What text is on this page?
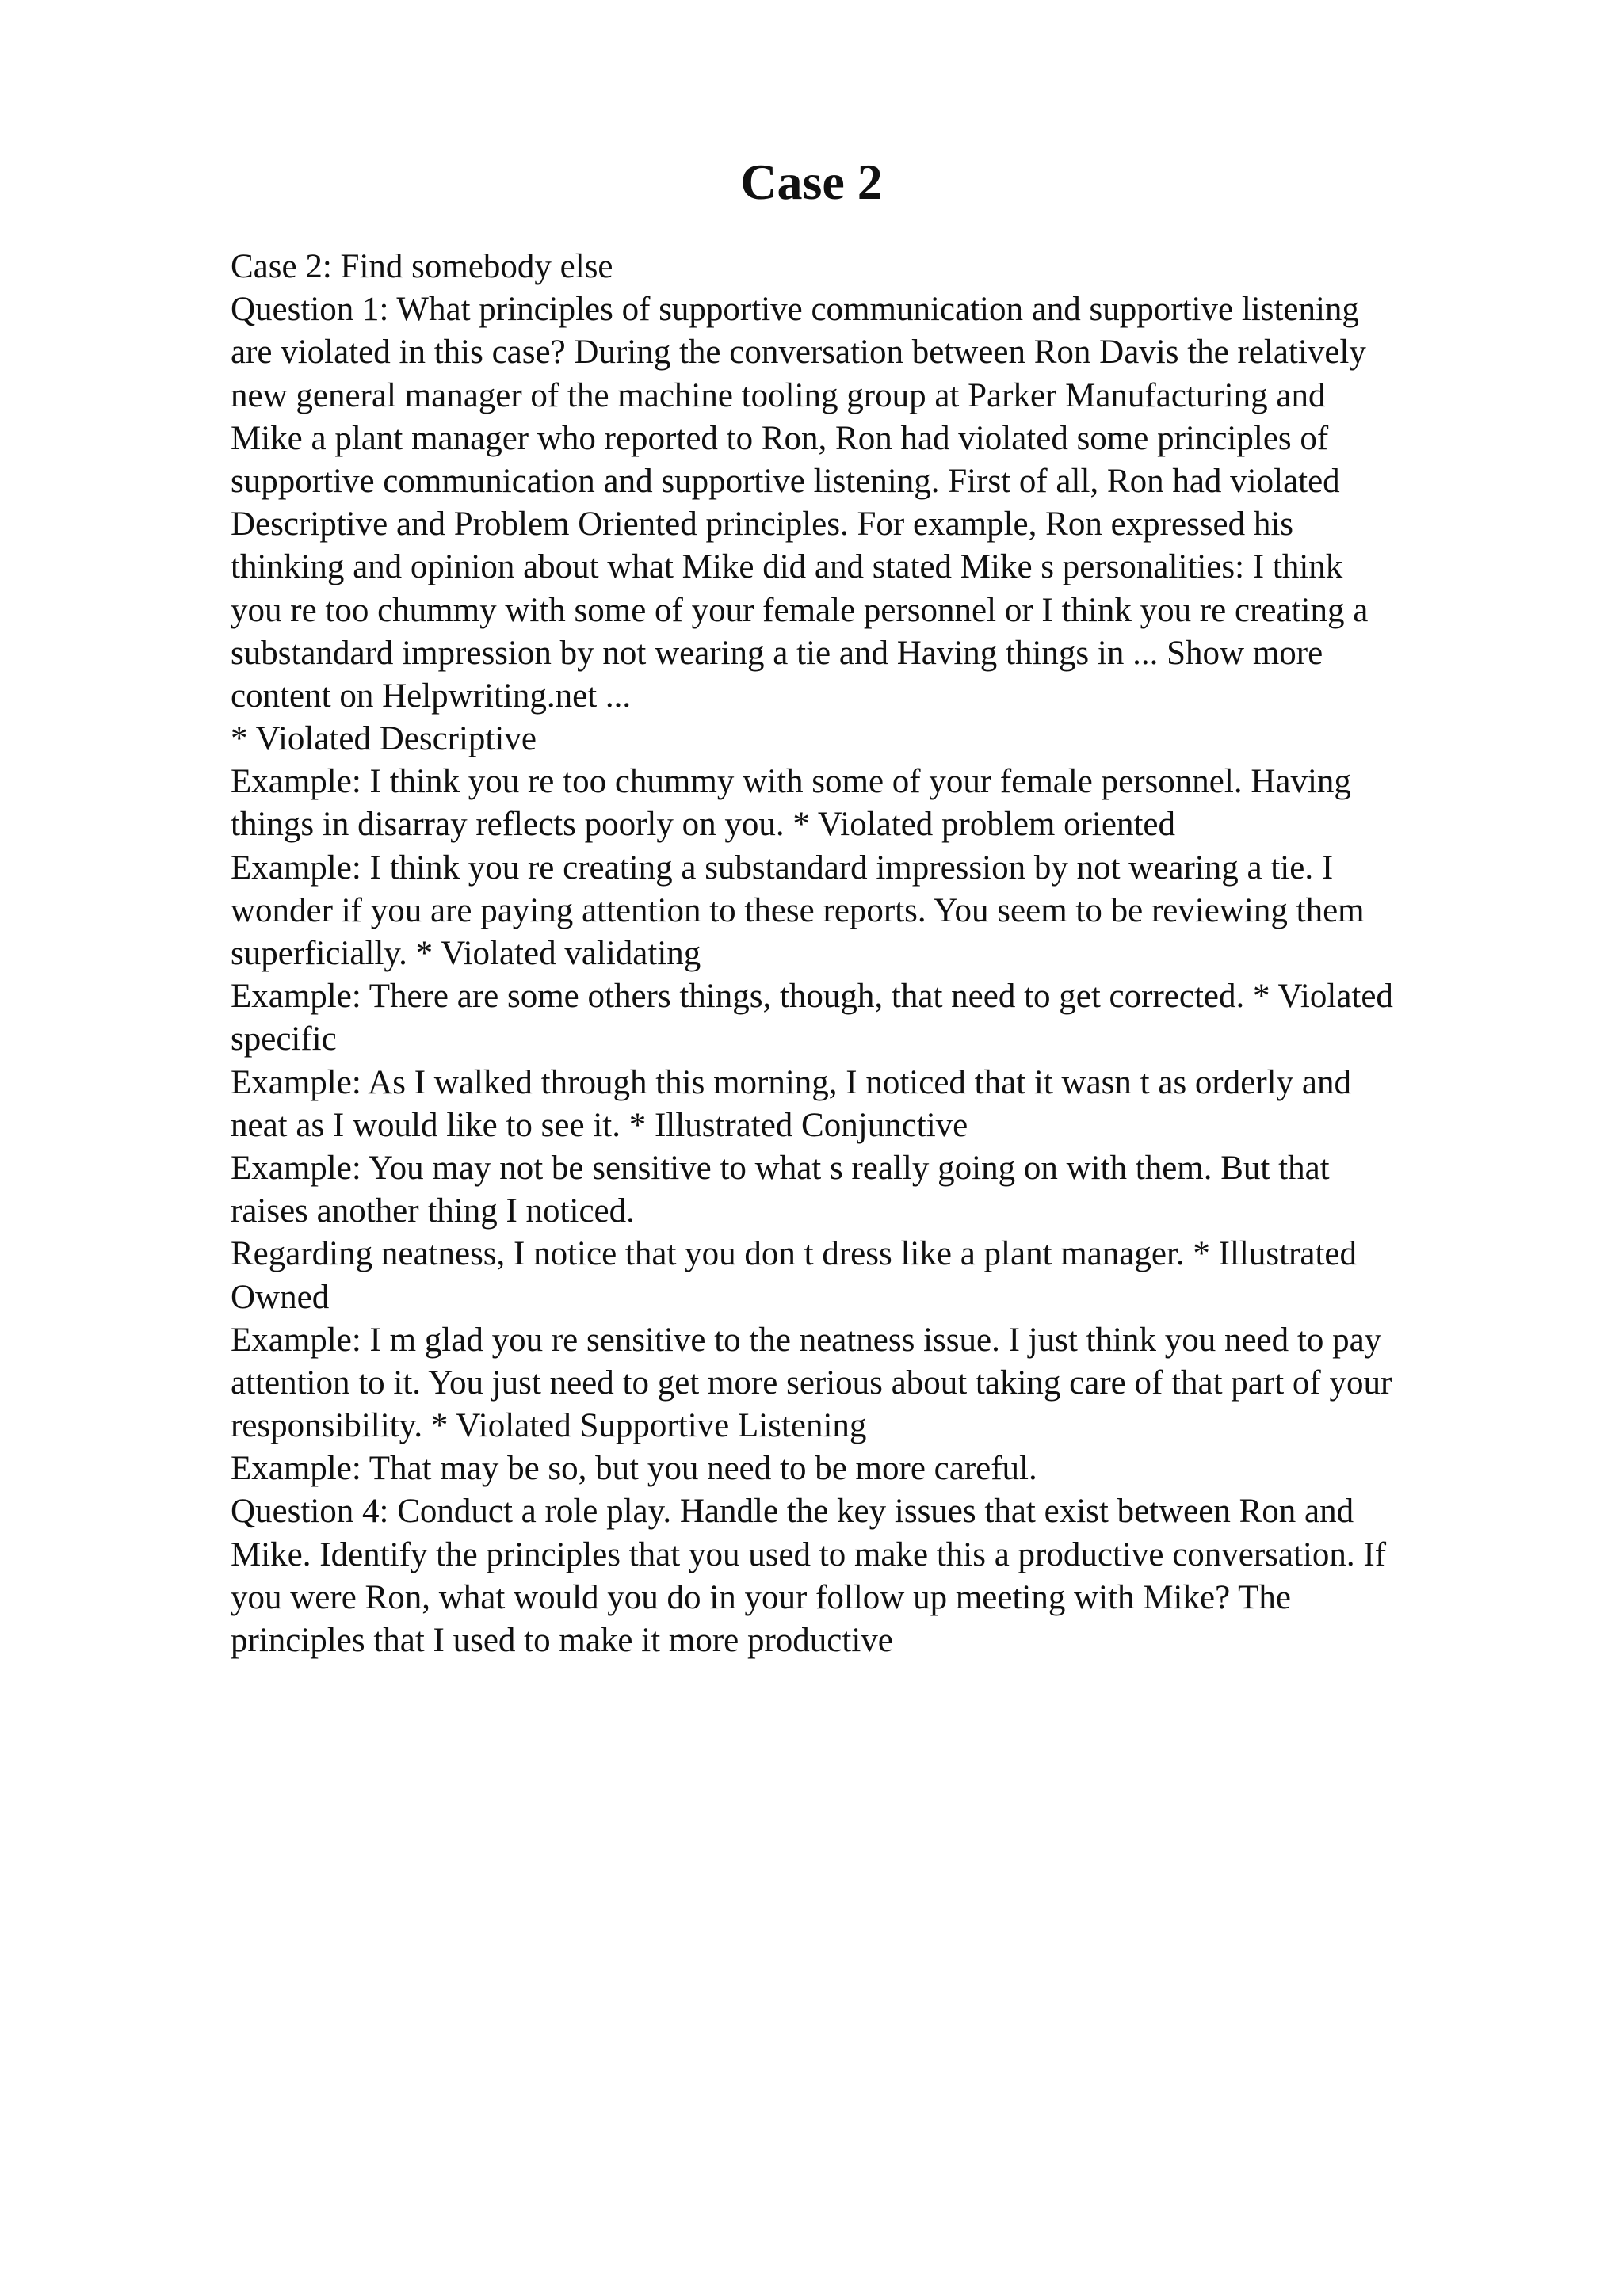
Case 2
Case 2: Find somebody else
Question 1: What principles of supportive communication and supportive listening
are violated in this case? During the conversation between Ron Davis the relatively
new general manager of the machine tooling group at Parker Manufacturing and
Mike a plant manager who reported to Ron, Ron had violated some principles of
supportive communication and supportive listening. First of all, Ron had violated
Descriptive and Problem Oriented principles. For example, Ron expressed his
thinking and opinion about what Mike did and stated Mike s personalities: I think
you re too chummy with some of your female personnel or I think you re creating a
substandard impression by not wearing a tie and Having things in ... Show more
content on Helpwriting.net ...
* Violated Descriptive
Example: I think you re too chummy with some of your female personnel. Having
things in disarray reflects poorly on you. * Violated problem oriented
Example: I think you re creating a substandard impression by not wearing a tie. I
wonder if you are paying attention to these reports. You seem to be reviewing them
superficially. * Violated validating
Example: There are some others things, though, that need to get corrected. * Violated
specific
Example: As I walked through this morning, I noticed that it wasn t as orderly and
neat as I would like to see it. * Illustrated Conjunctive
Example: You may not be sensitive to what s really going on with them. But that
raises another thing I noticed.
Regarding neatness, I notice that you don t dress like a plant manager. * Illustrated
Owned
Example: I m glad you re sensitive to the neatness issue. I just think you need to pay
attention to it. You just need to get more serious about taking care of that part of your
responsibility. * Violated Supportive Listening
Example: That may be so, but you need to be more careful.
Question 4: Conduct a role play. Handle the key issues that exist between Ron and
Mike. Identify the principles that you used to make this a productive conversation. If
you were Ron, what would you do in your follow up meeting with Mike? The
principles that I used to make it more productive
